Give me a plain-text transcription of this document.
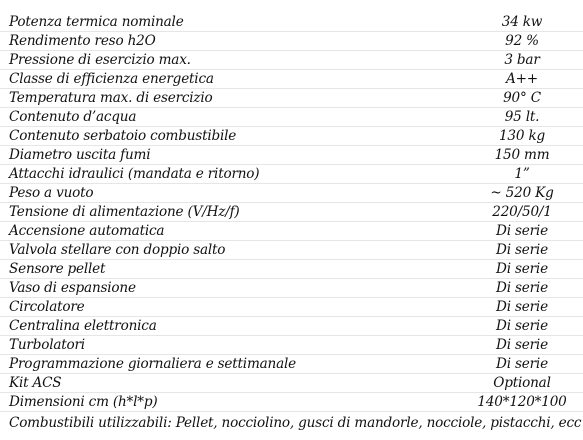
Potenza termica nominale	34 kw
Rendimento reso h2O	92 %
Pressione di esercizio max.	3 bar
Classe di efficienza energetica	A++
Temperatura max. di esercizio	90° C
Contenuto d’acqua	95 lt.
Contenuto serbatoio combustibile	130 kg
Diametro uscita fumi	150 mm
Attacchi idraulici (mandata e ritorno)	1”
Peso a vuoto	~ 520 Kg
Tensione di alimentazione (V/Hz/f)	220/50/1
Accensione automatica	Di serie
Valvola stellare con doppio salto	Di serie
Sensore pellet	Di serie
Vaso di espansione	Di serie
Circolatore	Di serie
Centralina elettronica	Di serie
Turbolatori	Di serie
Programmazione giornaliera e settimanale	Di serie
Kit ACS	Optional
Dimensioni cm (h*l*p)	140*120*100
Combustibili utilizzabili: Pellet, nocciolino, gusci di mandorle, nocciole, pistacchi, ecc
